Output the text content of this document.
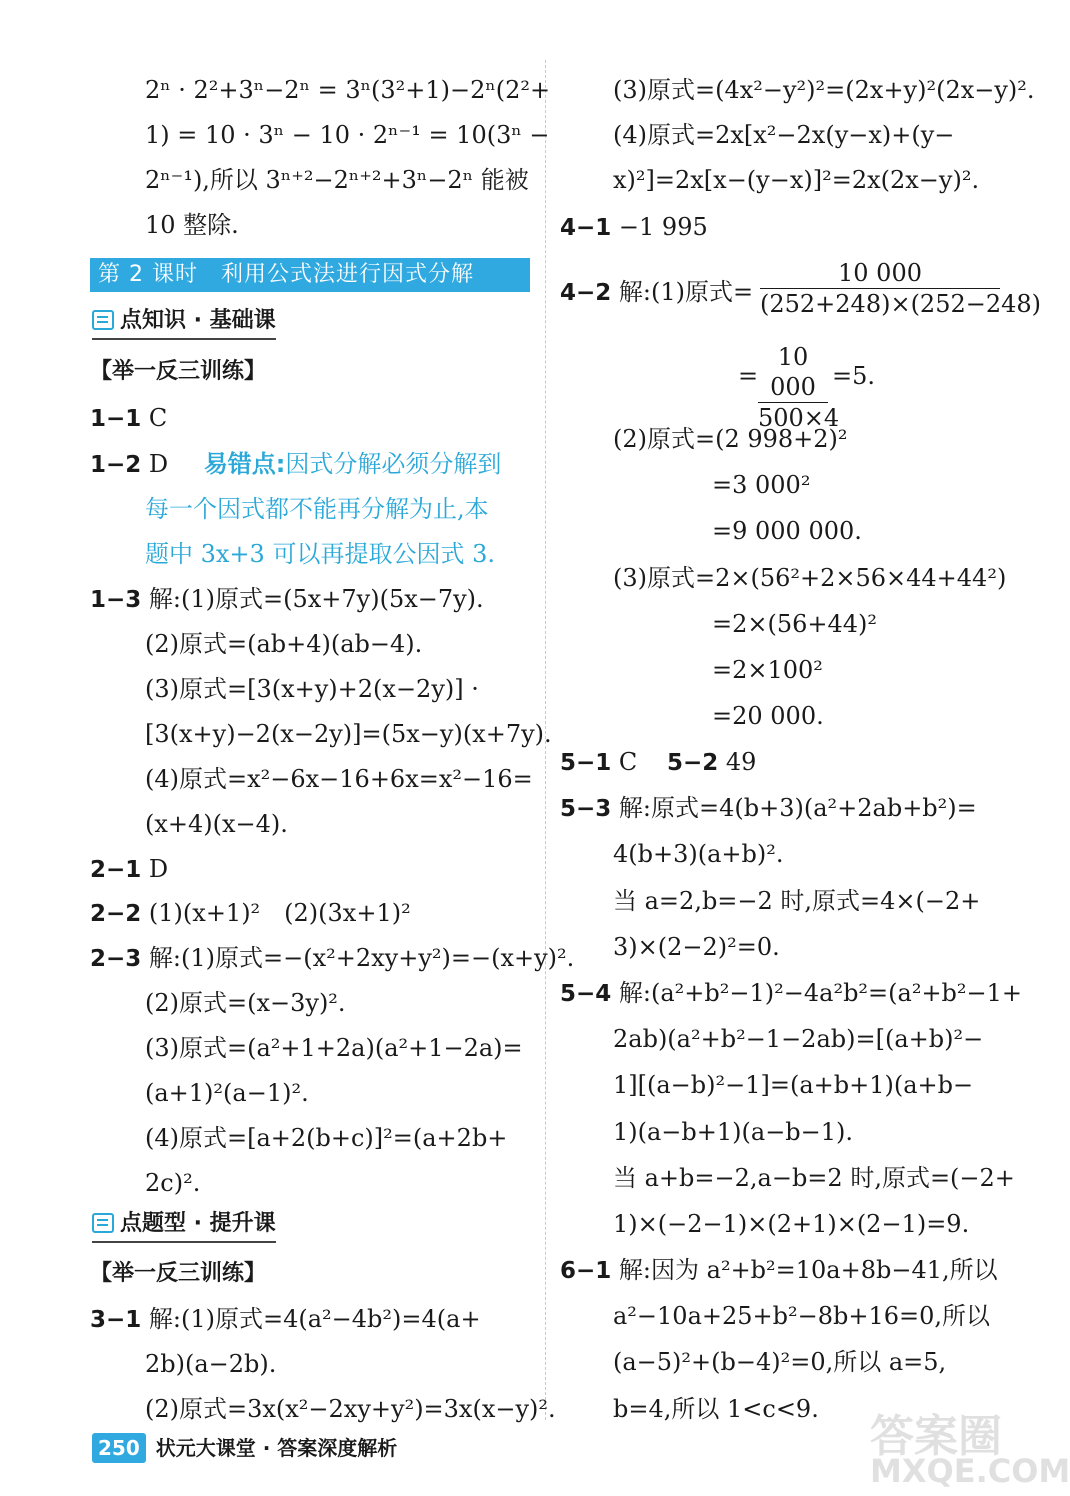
2ⁿ · 2²+3ⁿ−2ⁿ = 3ⁿ(3²+1)−2ⁿ(2²+
1) = 10 · 3ⁿ − 10 · 2ⁿ⁻¹ = 10(3ⁿ −
2ⁿ⁻¹),所以 3ⁿ⁺²−2ⁿ⁺²+3ⁿ−2ⁿ 能被
10 整除.
第 2 课时　利用公式法进行因式分解
点知识 · 基础课
【举一反三训练】
1−1 C
1−2 D 易错点:因式分解必须分解到
每一个因式都不能再分解为止,本
题中 3x+3 可以再提取公因式 3.
1−3 解:(1)原式=(5x+7y)(5x−7y).
(2)原式=(ab+4)(ab−4).
(3)原式=[3(x+y)+2(x−2y)] ·
[3(x+y)−2(x−2y)]=(5x−y)(x+7y).
(4)原式=x²−6x−16+6x=x²−16=
(x+4)(x−4).
2−1 D
2−2 (1)(x+1)²　(2)(3x+1)²
2−3 解:(1)原式=−(x²+2xy+y²)=−(x+y)².
(2)原式=(x−3y)².
(3)原式=(a²+1+2a)(a²+1−2a)=
(a+1)²(a−1)².
(4)原式=[a+2(b+c)]²=(a+2b+
2c)².
点题型 · 提升课
【举一反三训练】
3−1 解:(1)原式=4(a²−4b²)=4(a+
2b)(a−2b).
(2)原式=3x(x²−2xy+y²)=3x(x−y)².
(3)原式=(4x²−y²)²=(2x+y)²(2x−y)².
(4)原式=2x[x²−2x(y−x)+(y−
x)²]=2x[x−(y−x)]²=2x(2x−y)².
4−1 −1 995
4−2 解:(1)原式=
10 000
(252+248)×(252−248)
=
10 000
500×4
=5.
(2)原式=(2 998+2)²
=3 000²
=9 000 000.
(3)原式=2×(56²+2×56×44+44²)
=2×(56+44)²
=2×100²
=20 000.
5−1 C 5−2 49
5−3 解:原式=4(b+3)(a²+2ab+b²)=
4(b+3)(a+b)².
当 a=2,b=−2 时,原式=4×(−2+
3)×(2−2)²=0.
5−4 解:(a²+b²−1)²−4a²b²=(a²+b²−1+
2ab)(a²+b²−1−2ab)=[(a+b)²−
1][(a−b)²−1]=(a+b+1)(a+b−
1)(a−b+1)(a−b−1).
当 a+b=−2,a−b=2 时,原式=(−2+
1)×(−2−1)×(2+1)×(2−1)=9.
6−1 解:因为 a²+b²=10a+8b−41,所以
a²−10a+25+b²−8b+16=0,所以
(a−5)²+(b−4)²=0,所以 a=5,
b=4,所以 1<c<9.
250 状元大课堂 · 答案深度解析	答案圈
MXQE.COM
